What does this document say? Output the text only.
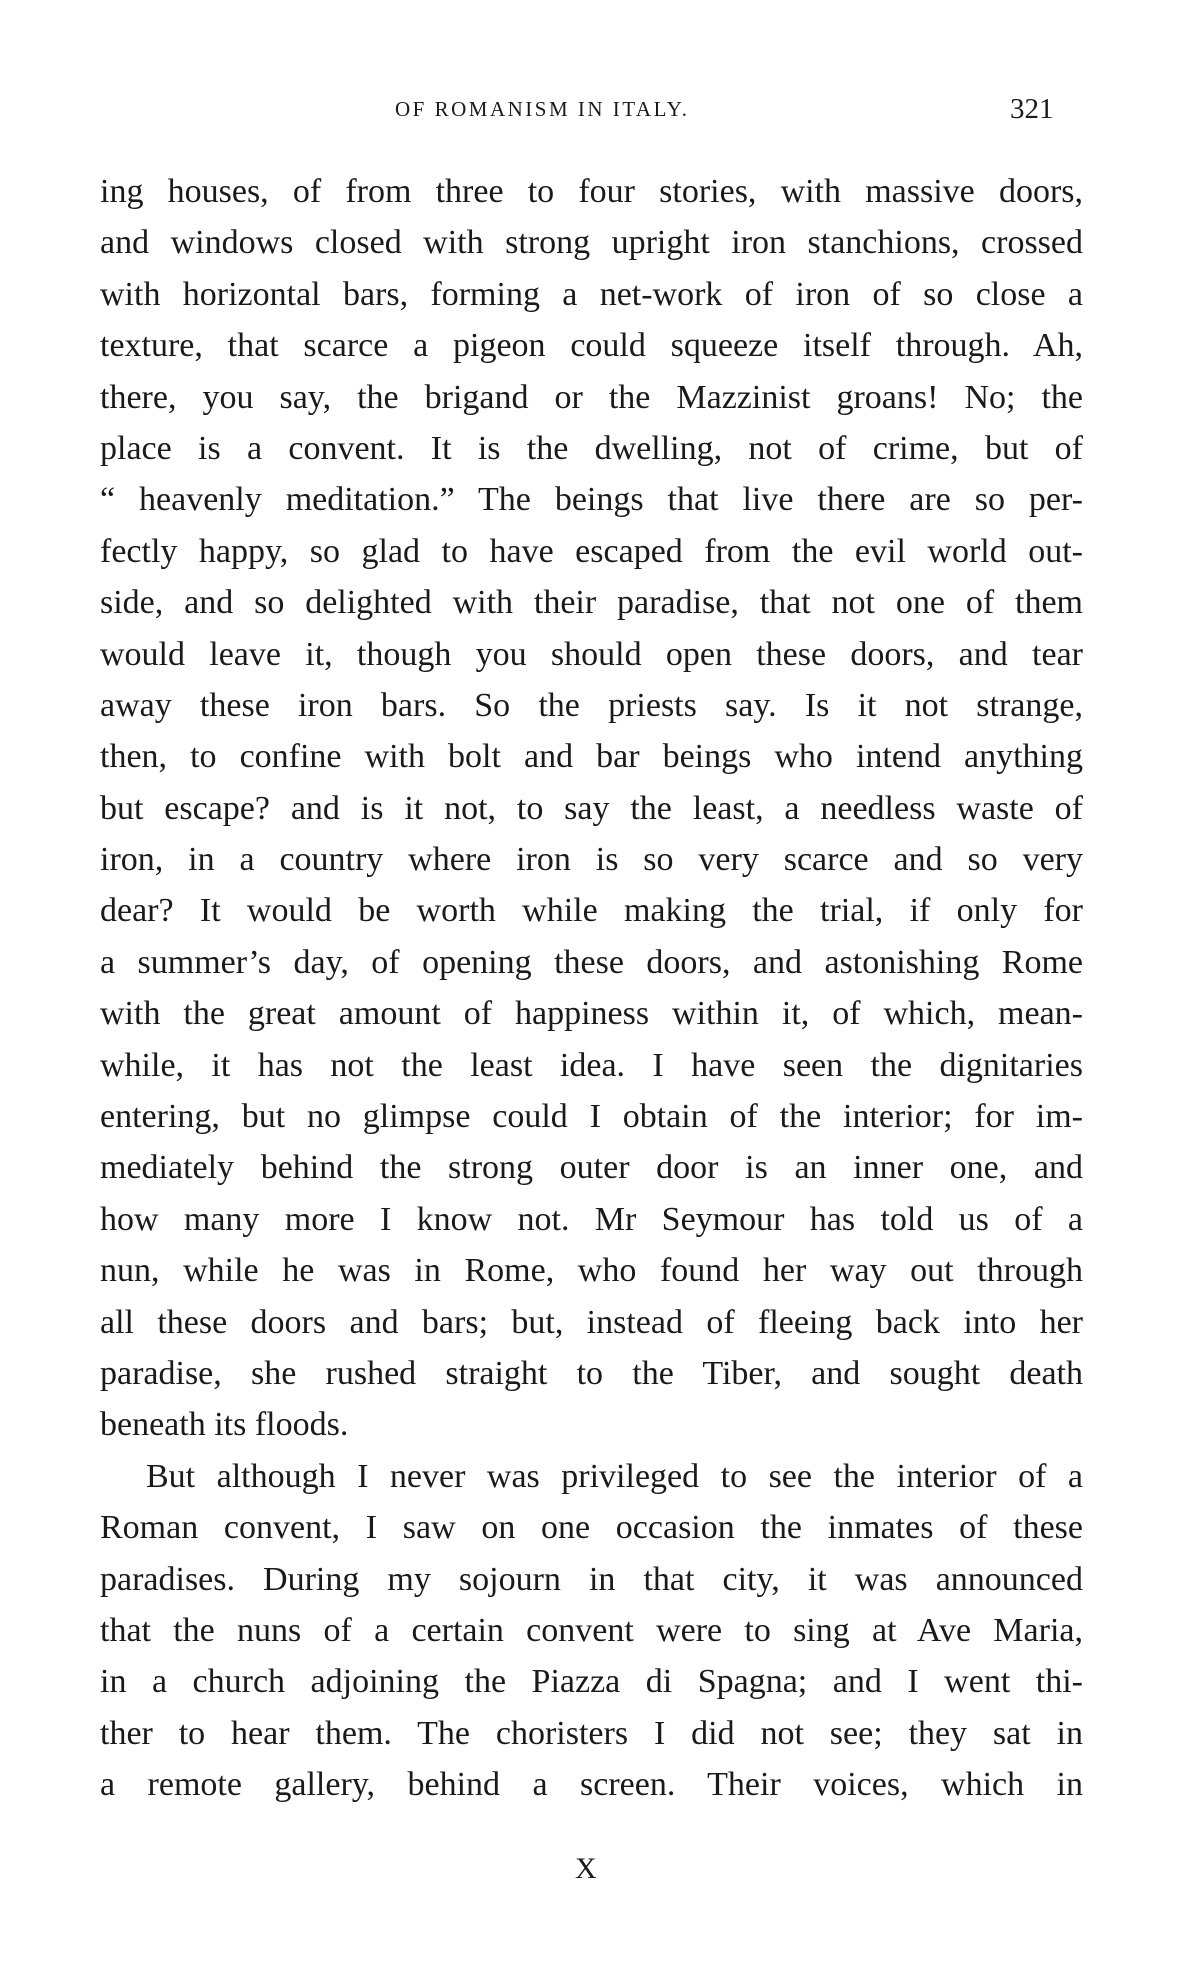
OF ROMANISM IN ITALY.	321
ing houses, of from three to four stories, with massive doors,
and windows closed with strong upright iron stanchions, crossed
with horizontal bars, forming a net-work of iron of so close a
texture, that scarce a pigeon could squeeze itself through. Ah,
there, you say, the brigand or the Mazzinist groans! No; the
place is a convent. It is the dwelling, not of crime, but of
“ heavenly meditation.” The beings that live there are so per-
fectly happy, so glad to have escaped from the evil world out-
side, and so delighted with their paradise, that not one of them
would leave it, though you should open these doors, and tear
away these iron bars. So the priests say. Is it not strange,
then, to confine with bolt and bar beings who intend anything
but escape? and is it not, to say the least, a needless waste of
iron, in a country where iron is so very scarce and so very
dear? It would be worth while making the trial, if only for
a summer’s day, of opening these doors, and astonishing Rome
with the great amount of happiness within it, of which, mean-
while, it has not the least idea. I have seen the dignitaries
entering, but no glimpse could I obtain of the interior; for im-
mediately behind the strong outer door is an inner one, and
how many more I know not. Mr Seymour has told us of a
nun, while he was in Rome, who found her way out through
all these doors and bars; but, instead of fleeing back into her
paradise, she rushed straight to the Tiber, and sought death
beneath its floods.
But although I never was privileged to see the interior of a
Roman convent, I saw on one occasion the inmates of these
paradises. During my sojourn in that city, it was announced
that the nuns of a certain convent were to sing at Ave Maria,
in a church adjoining the Piazza di Spagna; and I went thi-
ther to hear them. The choristers I did not see; they sat in
a remote gallery, behind a screen. Their voices, which in
X
